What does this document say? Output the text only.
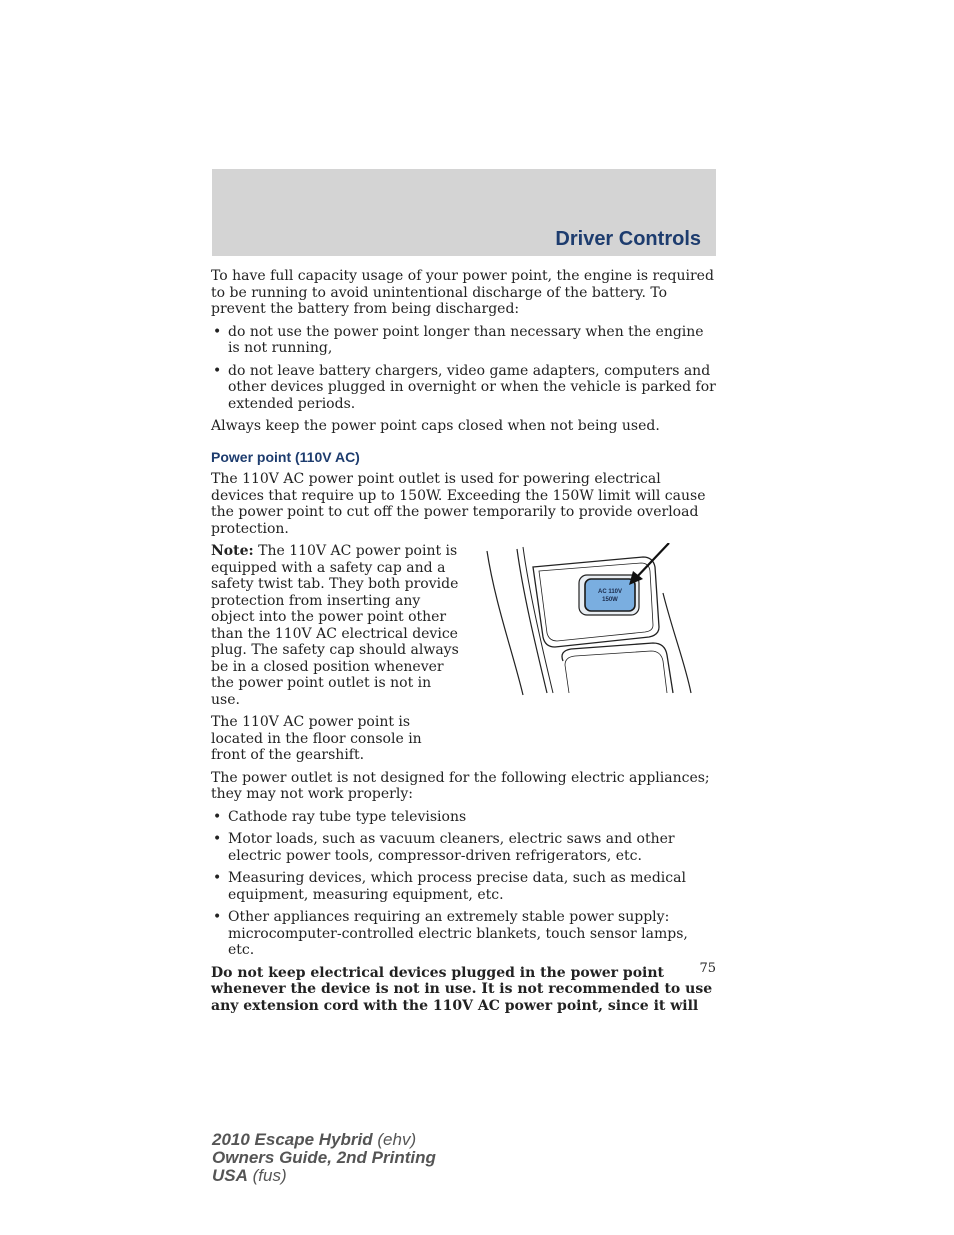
Driver Controls

To have full capacity usage of your power point, the engine is required to be running to avoid unintentional discharge of the battery. To prevent the battery from being discharged:

• do not use the power point longer than necessary when the engine is not running,
• do not leave battery chargers, video game adapters, computers and other devices plugged in overnight or when the vehicle is parked for extended periods.

Always keep the power point caps closed when not being used.

Power point (110V AC)

The 110V AC power point outlet is used for powering electrical devices that require up to 150W. Exceeding the 150W limit will cause the power point to cut off the power temporarily to provide overload protection.

Note: The 110V AC power point is equipped with a safety cap and a safety twist tab. They both provide protection from inserting any object into the power point other than the 110V AC electrical device plug. The safety cap should always be in a closed position whenever the power point outlet is not in use.

The 110V AC power point is located in the floor console in front of the gearshift.

AC 110V
150W

The power outlet is not designed for the following electric appliances; they may not work properly:

• Cathode ray tube type televisions
• Motor loads, such as vacuum cleaners, electric saws and other electric power tools, compressor-driven refrigerators, etc.
• Measuring devices, which process precise data, such as medical equipment, measuring equipment, etc.
• Other appliances requiring an extremely stable power supply: microcomputer-controlled electric blankets, touch sensor lamps, etc.

Do not keep electrical devices plugged in the power point whenever the device is not in use. It is not recommended to use any extension cord with the 110V AC power point, since it will

75
2010 Escape Hybrid (ehv)
Owners Guide, 2nd Printing
USA (fus)
